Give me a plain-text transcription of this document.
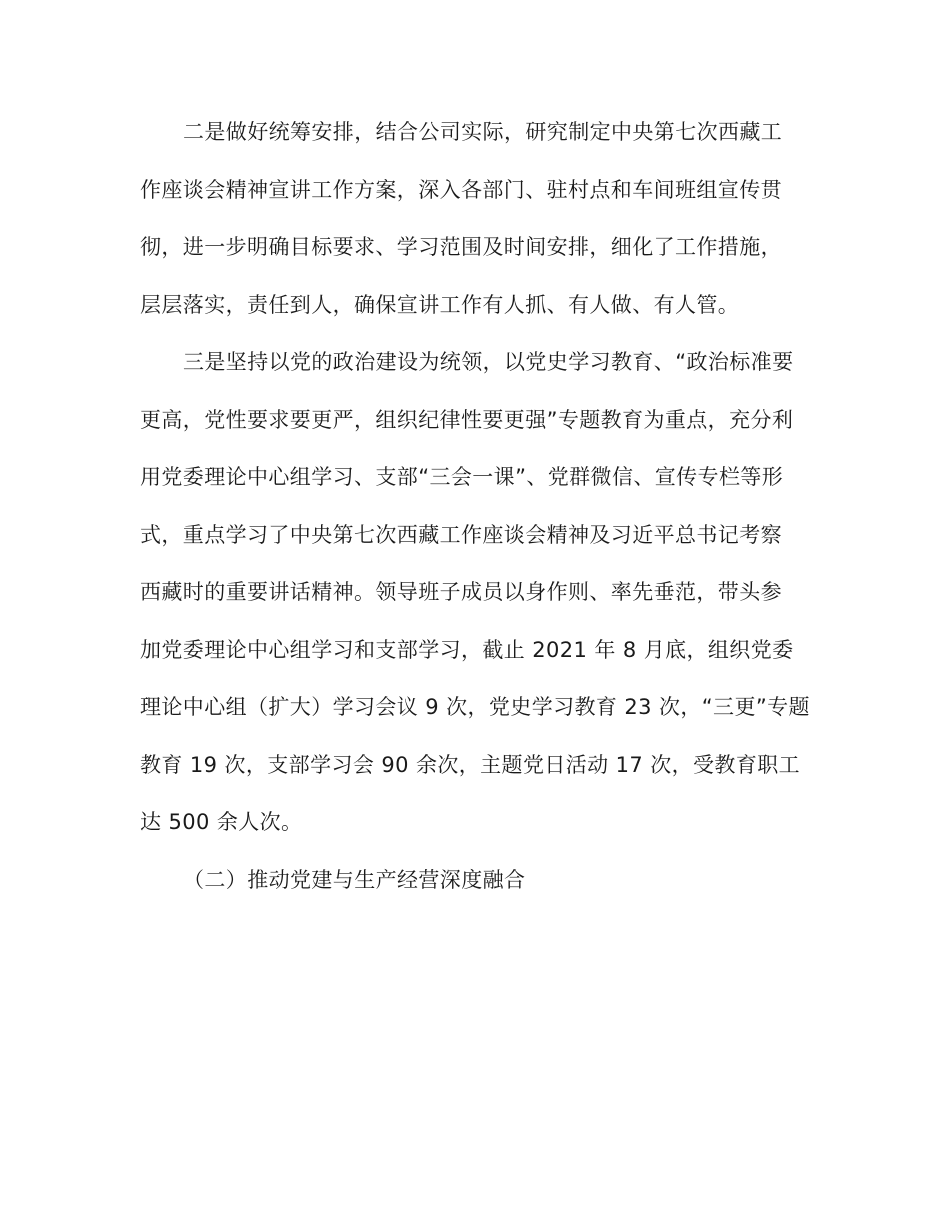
二是做好统筹安排，结合公司实际，研究制定中央第七次西藏工
作座谈会精神宣讲工作方案，深入各部门、驻村点和车间班组宣传贯
彻，进一步明确目标要求、学习范围及时间安排，细化了工作措施，
层层落实，责任到人，确保宣讲工作有人抓、有人做、有人管。
三是坚持以党的政治建设为统领，以党史学习教育、“政治标准要
更高，党性要求要更严，组织纪律性要更强”专题教育为重点，充分利
用党委理论中心组学习、支部“三会一课”、党群微信、宣传专栏等形
式，重点学习了中央第七次西藏工作座谈会精神及习近平总书记考察
西藏时的重要讲话精神。领导班子成员以身作则、率先垂范，带头参
加党委理论中心组学习和支部学习，截止 2021 年 8 月底，组织党委
理论中心组（扩大）学习会议 9 次，党史学习教育 23 次，“三更”专题
教育 19 次，支部学习会 90 余次，主题党日活动 17 次，受教育职工
达 500 余人次。
（二）推动党建与生产经营深度融合
